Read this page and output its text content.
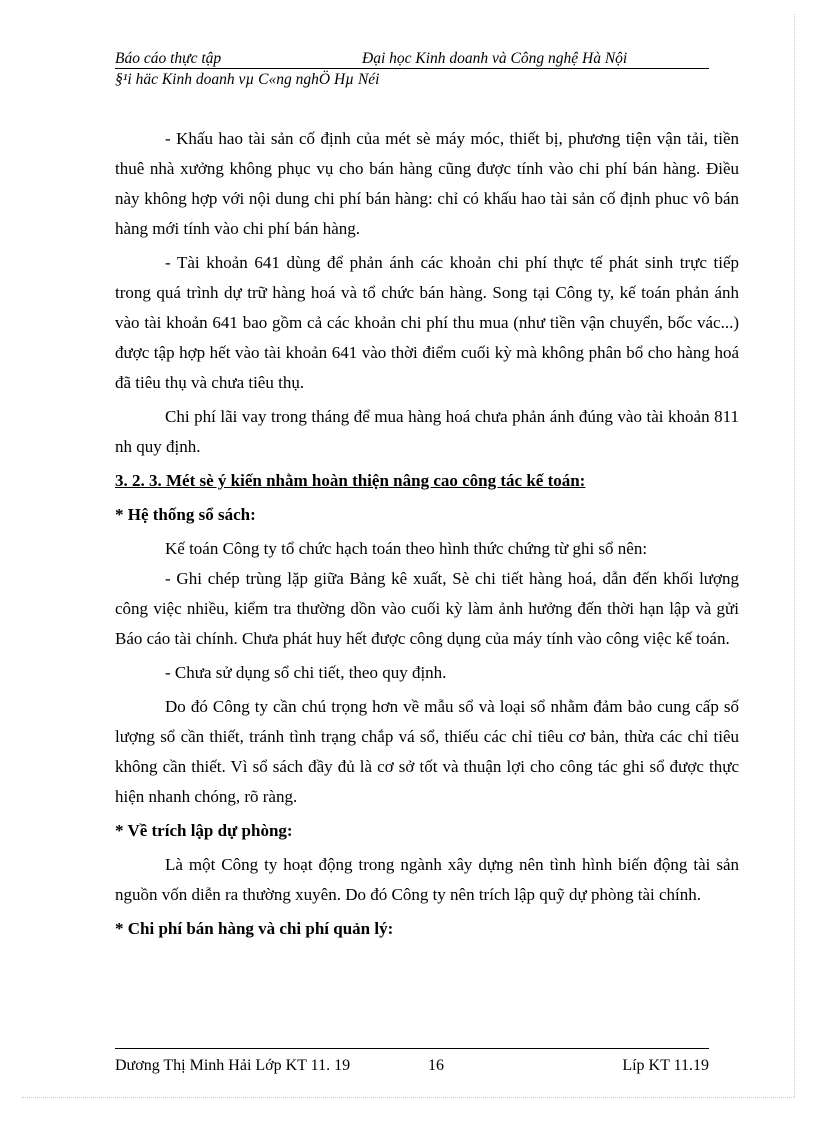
Báo cáo thực tập	Đại học Kinh doanh và Công nghệ Hà Nội
§¹i häc Kinh doanh vµ C«ng nghÖ Hµ Néi

- Khấu hao tài sản cố định của mét sè máy móc, thiết bị, phương tiện vận tải, tiền thuê nhà xưởng không phục vụ cho bán hàng cũng được tính vào chi phí bán hàng. Điều này không hợp với nội dung chi phí bán hàng: chỉ có khấu hao tài sản cố định phuc vô bán hàng mới tính vào chi phí bán hàng.

- Tài khoản 641 dùng để phản ánh các khoản chi phí thực tế phát sinh trực tiếp trong quá trình dự trữ hàng hoá và tổ chức bán hàng. Song tại Công ty, kế toán phản ánh vào tài khoản 641 bao gồm cả các khoản chi phí thu mua (như tiền vận chuyển, bốc vác...) được tập hợp hết vào tài khoản 641 vào thời điểm cuối kỳ mà không phân bổ cho hàng hoá đã tiêu thụ và chưa tiêu thụ.

Chi phí lãi vay trong tháng để mua hàng hoá chưa phản ánh đúng vào tài khoản 811 nh quy định.

3. 2. 3. Mét sè ý kiến nhằm hoàn thiện nâng cao công tác kế toán:

* Hệ thống sổ sách:

Kế toán Công ty tổ chức hạch toán theo hình thức chứng từ ghi sổ nên:

- Ghi chép trùng lặp giữa Bảng kê xuất, Sè chi tiết hàng hoá, dẫn đến khối lượng công việc nhiều, kiểm tra thường dồn vào cuối kỳ làm ảnh hưởng đến thời hạn lập và gửi Báo cáo tài chính. Chưa phát huy hết được công dụng của máy tính vào công việc kế toán.

- Chưa sử dụng sổ chi tiết, theo quy định.

Do đó Công ty cần chú trọng hơn về mẫu sổ và loại sổ nhằm đảm bảo cung cấp số lượng sổ cần thiết, tránh tình trạng chắp vá sổ, thiếu các chỉ tiêu cơ bản, thừa các chỉ tiêu không cần thiết. Vì sổ sách đầy đủ là cơ sở tốt và thuận lợi cho công tác ghi sổ được thực hiện nhanh chóng, rõ ràng.

* Về trích lập dự phòng:

Là một Công ty hoạt động trong ngành xây dựng nên tình hình biến động tài sản nguồn vốn diễn ra thường xuyên. Do đó Công ty nên trích lập quỹ dự phòng tài chính.

* Chi phí bán hàng và chi phí quản lý:

Dương Thị Minh Hải Lớp KT 11. 19	16	Líp KT 11.19
